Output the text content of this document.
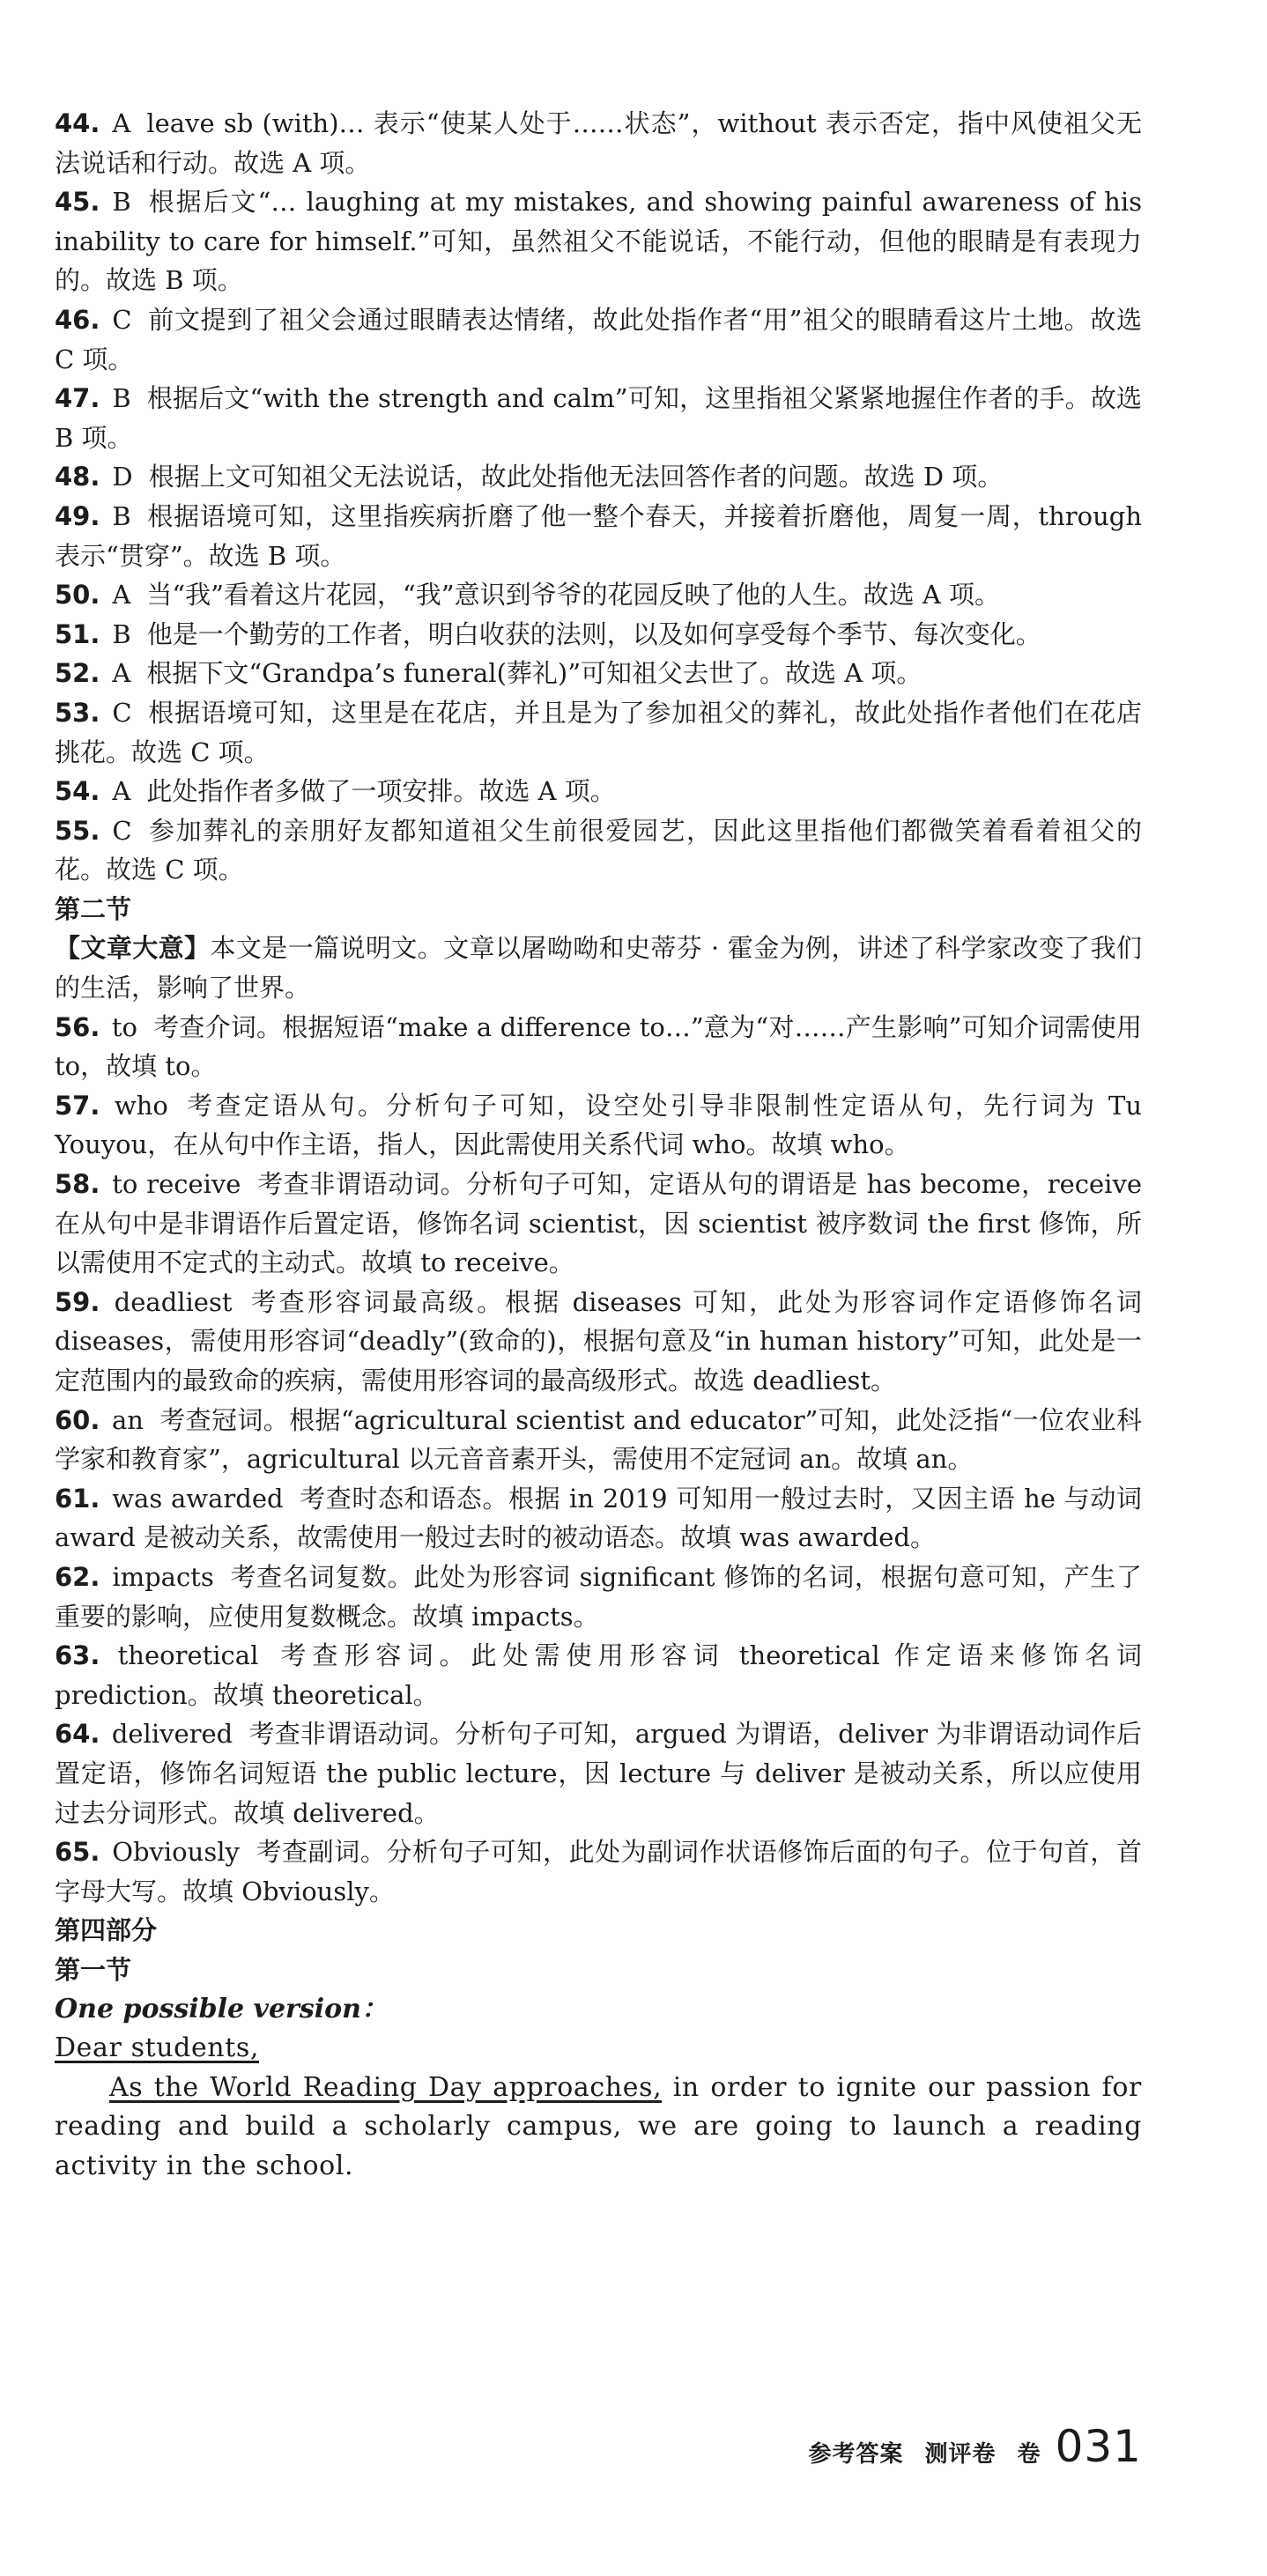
44. A leave sb (with)… 表示“使某人处于……状态”，without 表示否定，指中风使祖父无法说话和行动。故选 A 项。

45. B 根据后文“… laughing at my mistakes, and showing painful awareness of his inability to care for himself.”可知，虽然祖父不能说话，不能行动，但他的眼睛是有表现力的。故选 B 项。

46. C 前文提到了祖父会通过眼睛表达情绪，故此处指作者“用”祖父的眼睛看这片土地。故选 C 项。

47. B 根据后文“with the strength and calm”可知，这里指祖父紧紧地握住作者的手。故选 B 项。

48. D 根据上文可知祖父无法说话，故此处指他无法回答作者的问题。故选 D 项。

49. B 根据语境可知，这里指疾病折磨了他一整个春天，并接着折磨他，周复一周，through 表示“贯穿”。故选 B 项。

50. A 当“我”看着这片花园，“我”意识到爷爷的花园反映了他的人生。故选 A 项。

51. B 他是一个勤劳的工作者，明白收获的法则，以及如何享受每个季节、每次变化。

52. A 根据下文“Grandpa’s funeral(葬礼)”可知祖父去世了。故选 A 项。

53. C 根据语境可知，这里是在花店，并且是为了参加祖父的葬礼，故此处指作者他们在花店挑花。故选 C 项。

54. A 此处指作者多做了一项安排。故选 A 项。

55. C 参加葬礼的亲朋好友都知道祖父生前很爱园艺，因此这里指他们都微笑着看着祖父的花。故选 C 项。

第二节

【文章大意】本文是一篇说明文。文章以屠呦呦和史蒂芬 · 霍金为例，讲述了科学家改变了我们的生活，影响了世界。

56. to 考查介词。根据短语“make a difference to…”意为“对……产生影响”可知介词需使用 to，故填 to。

57. who 考查定语从句。分析句子可知，设空处引导非限制性定语从句，先行词为 Tu Youyou，在从句中作主语，指人，因此需使用关系代词 who。故填 who。

58. to receive 考查非谓语动词。分析句子可知，定语从句的谓语是 has become，receive 在从句中是非谓语作后置定语，修饰名词 scientist，因 scientist 被序数词 the first 修饰，所以需使用不定式的主动式。故填 to receive。

59. deadliest 考查形容词最高级。根据 diseases 可知，此处为形容词作定语修饰名词 diseases，需使用形容词“deadly”(致命的)，根据句意及“in human history”可知，此处是一定范围内的最致命的疾病，需使用形容词的最高级形式。故选 deadliest。

60. an 考查冠词。根据“agricultural scientist and educator”可知，此处泛指“一位农业科学家和教育家”，agricultural 以元音音素开头，需使用不定冠词 an。故填 an。

61. was awarded 考查时态和语态。根据 in 2019 可知用一般过去时，又因主语 he 与动词 award 是被动关系，故需使用一般过去时的被动语态。故填 was awarded。

62. impacts 考查名词复数。此处为形容词 significant 修饰的名词，根据句意可知，产生了重要的影响，应使用复数概念。故填 impacts。

63. theoretical 考查形容词。此处需使用形容词 theoretical 作定语来修饰名词 prediction。故填 theoretical。

64. delivered 考查非谓语动词。分析句子可知，argued 为谓语，deliver 为非谓语动词作后置定语，修饰名词短语 the public lecture，因 lecture 与 deliver 是被动关系，所以应使用过去分词形式。故填 delivered。

65. Obviously 考查副词。分析句子可知，此处为副词作状语修饰后面的句子。位于句首，首字母大写。故填 Obviously。

第四部分

第一节

One possible version：

Dear students,

As the World Reading Day approaches, in order to ignite our passion for reading and build a scholarly campus, we are going to launch a reading activity in the school.

参考答案 测评卷 卷 031
